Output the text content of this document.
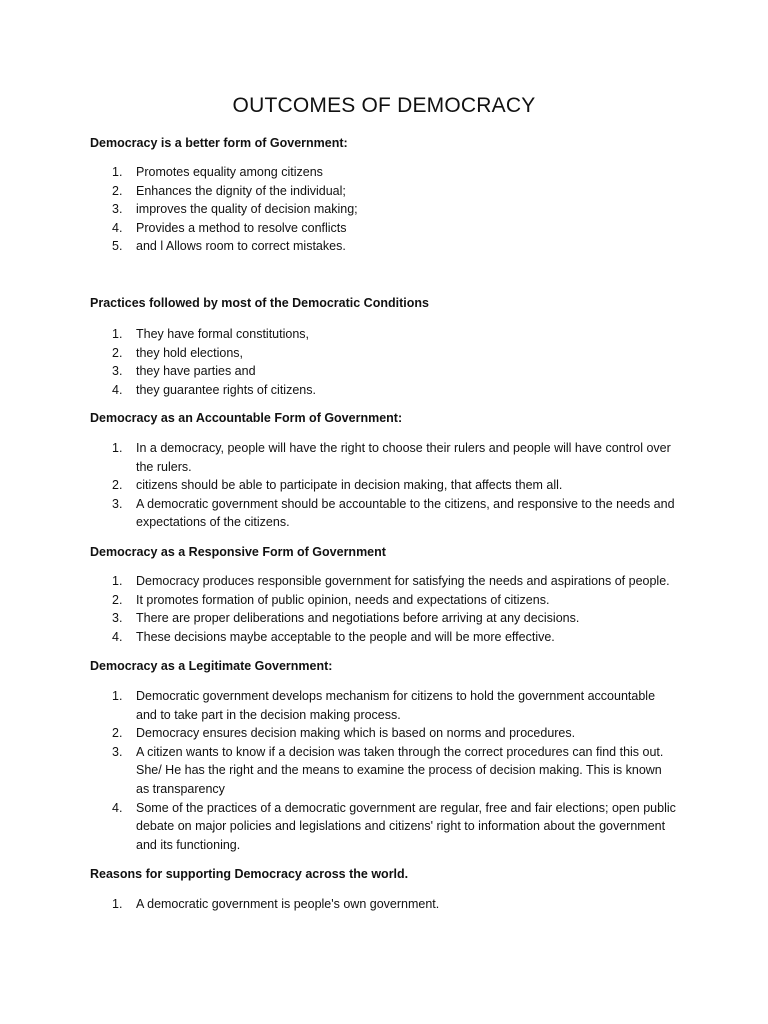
OUTCOMES OF DEMOCRACY

Democracy is a better form of Government:

1. Promotes equality among citizens
2. Enhances the dignity of the individual;
3. improves the quality of decision making;
4. Provides a method to resolve conflicts
5. and l Allows room to correct mistakes.

Practices followed by most of the Democratic Conditions

1. They have formal constitutions,
2. they hold elections,
3. they have parties and
4. they guarantee rights of citizens.

Democracy as an Accountable Form of Government:

1. In a democracy, people will have the right to choose their rulers and people will have control over the rulers.
2. citizens should be able to participate in decision making, that affects them all.
3. A democratic government should be accountable to the citizens, and responsive to the needs and expectations of the citizens.

Democracy as a Responsive Form of Government

1. Democracy produces responsible government for satisfying the needs and aspirations of people.
2. It promotes formation of public opinion, needs and expectations of citizens.
3. There are proper deliberations and negotiations before arriving at any decisions.
4. These decisions maybe acceptable to the people and will be more effective.

Democracy as a Legitimate Government:

1. Democratic government develops mechanism for citizens to hold the government accountable and to take part in the decision making process.
2. Democracy ensures decision making which is based on norms and procedures.
3. A citizen wants to know if a decision was taken through the correct procedures can find this out. She/ He has the right and the means to examine the process of decision making. This is known as transparency
4. Some of the practices of a democratic government are regular, free and fair elections; open public debate on major policies and legislations and citizens' right to information about the government and its functioning.

Reasons for supporting Democracy across the world.

1. A democratic government is people's own government.
